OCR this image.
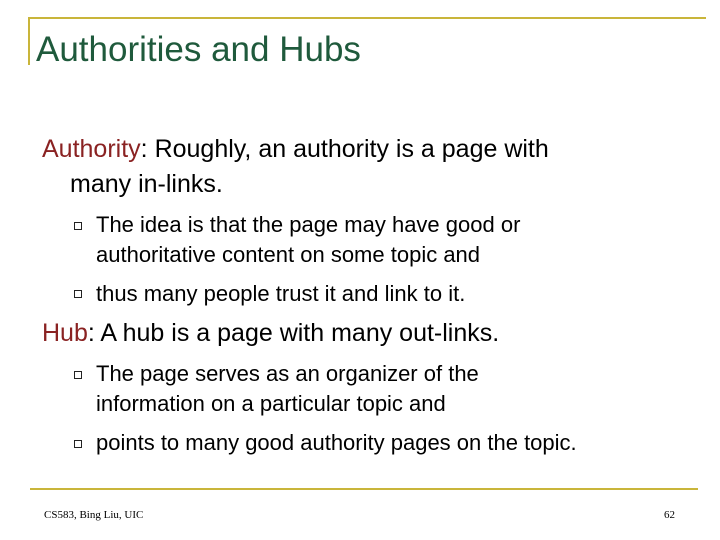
Authorities and Hubs
Authority: Roughly, an authority is a page with
many in-links.
The idea is that the page may have good or
authoritative content on some topic and
thus many people trust it and link to it.
Hub: A hub is a page with many out-links.
The page serves as an organizer of the
information on a particular topic and
points to many good authority pages on the topic.
CS583, Bing Liu, UIC	62
